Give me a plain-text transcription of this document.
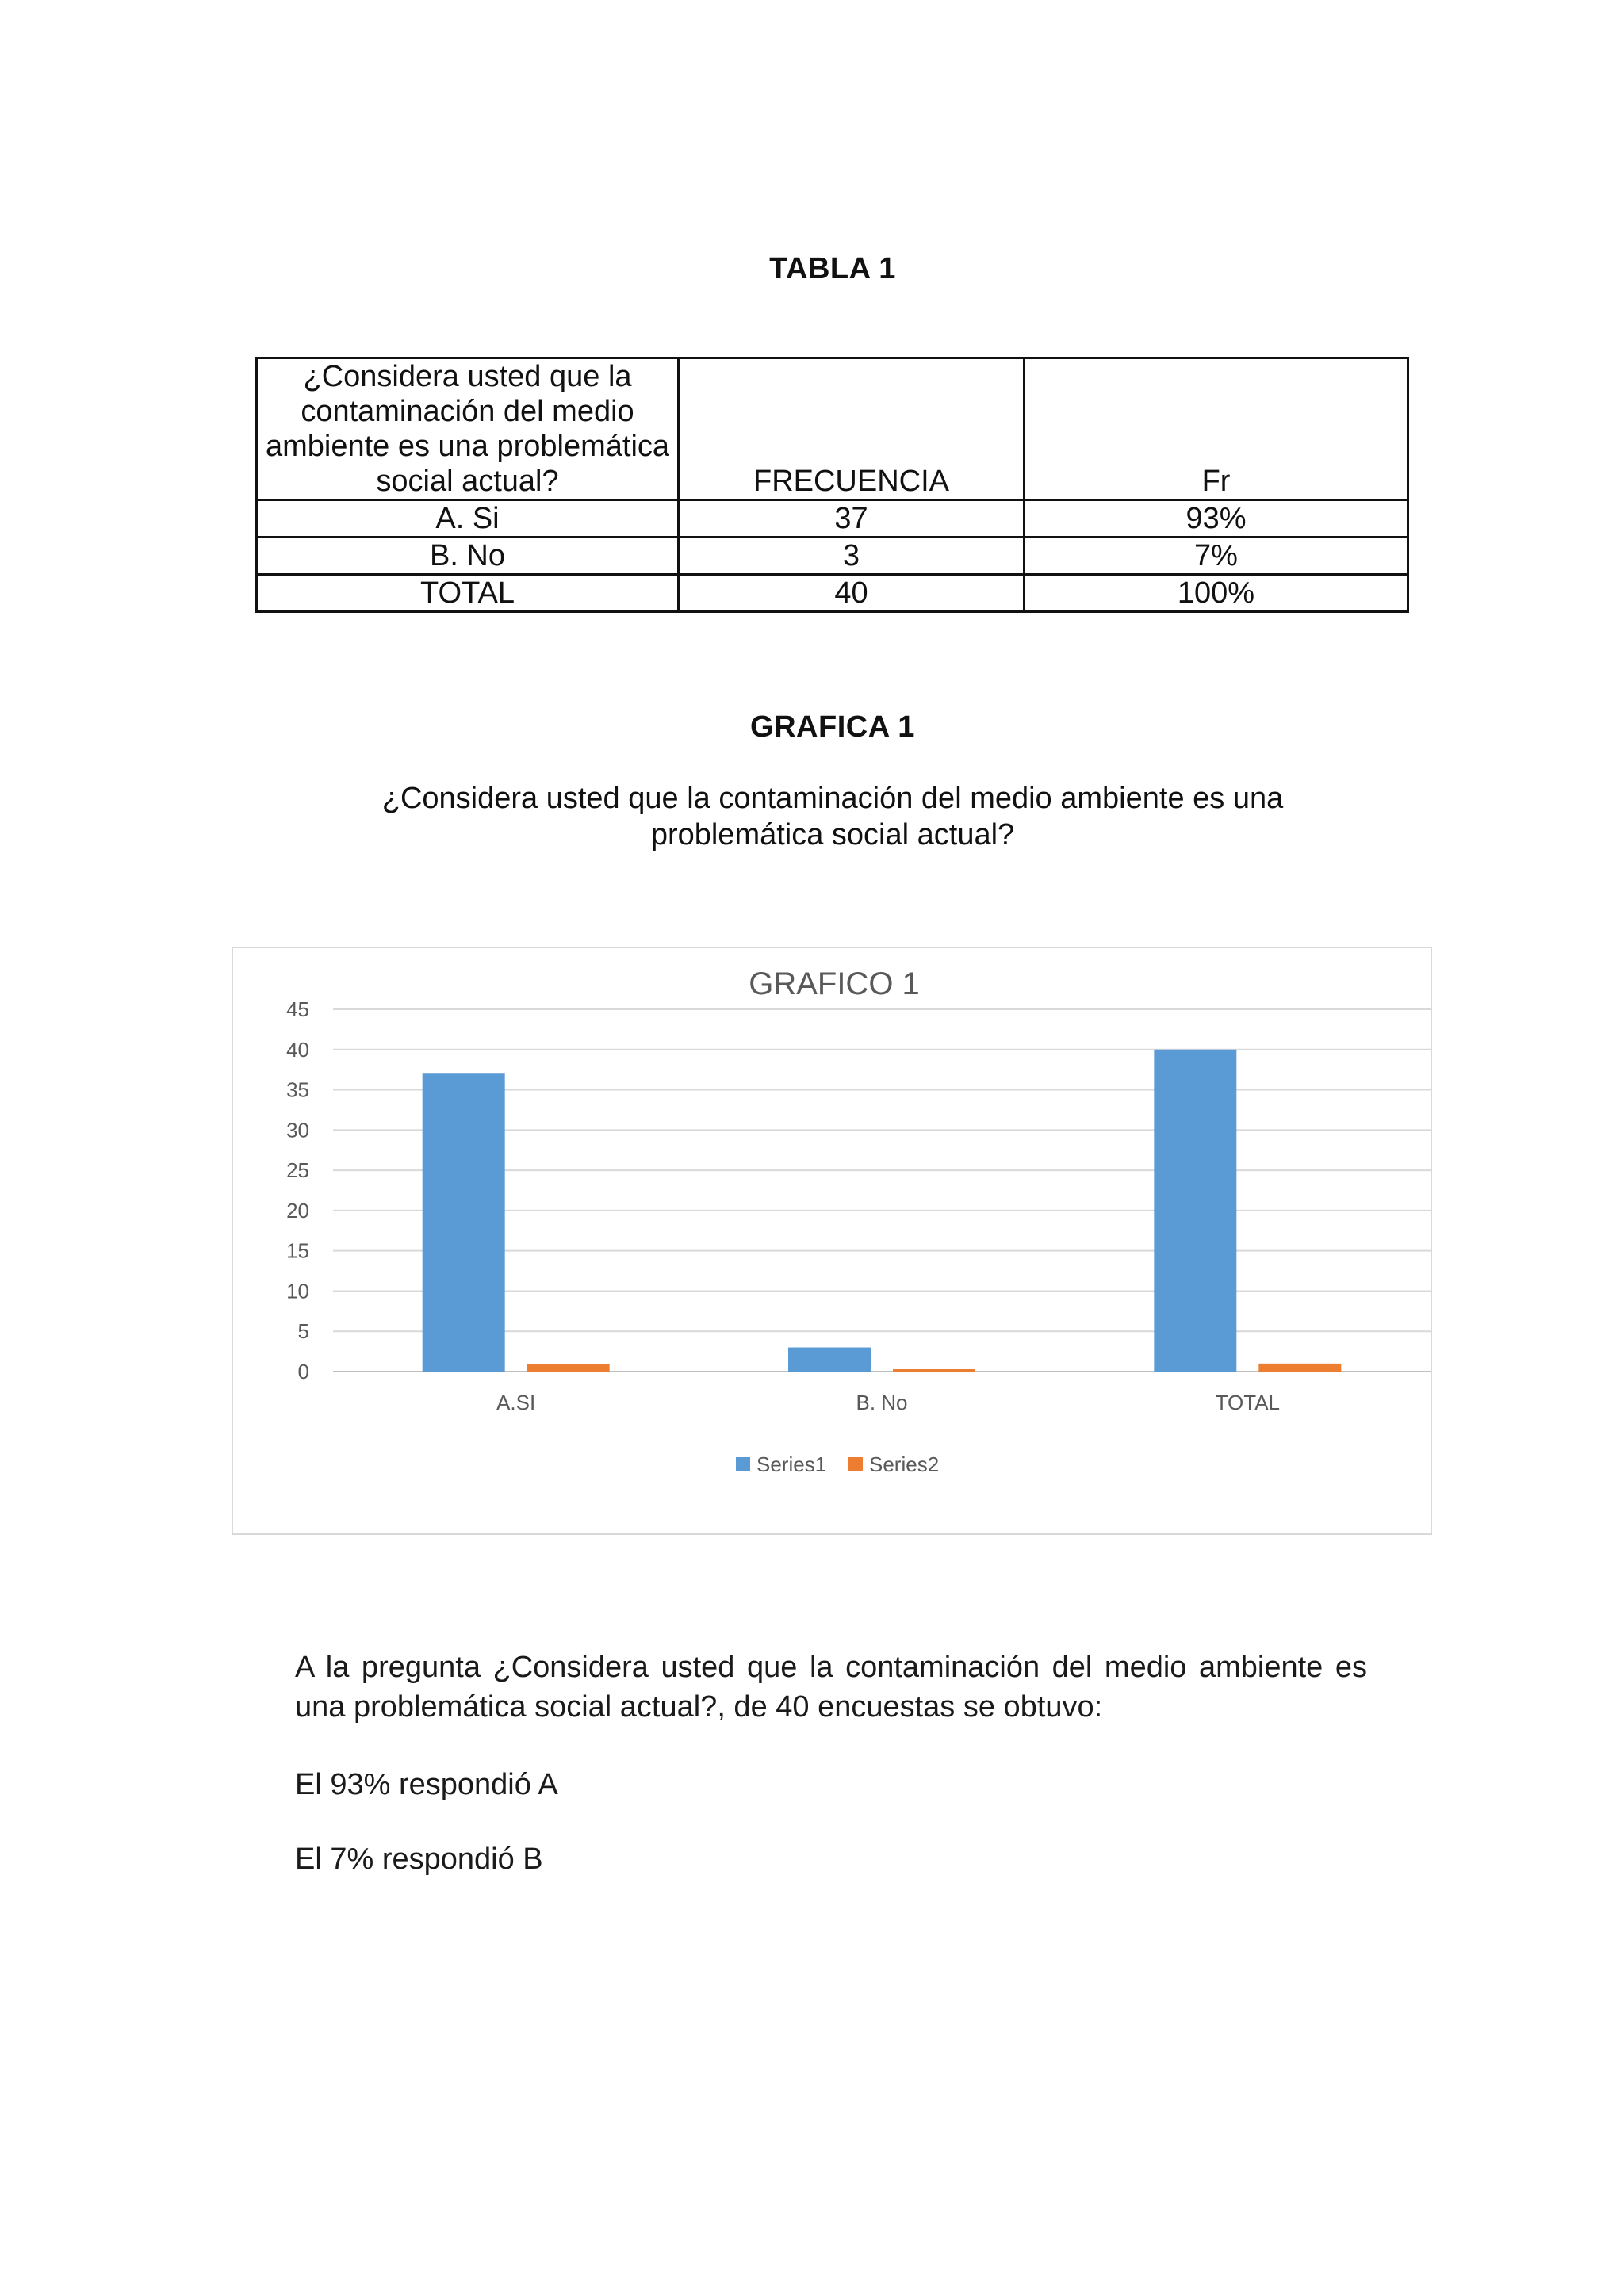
TABLA 1
¿Considera usted que la contaminación del medio ambiente es una problemática social actual?	FRECUENCIA	Fr
A. Si	37	93%
B. No	3	7%
TOTAL	40	100%
GRAFICA 1
¿Considera usted que la contaminación del medio ambiente es una problemática social actual?
GRAFICO 1
0
5
10
15
20
25
30
35
40
45
A.SI	B. No	TOTAL
Series1 Series2
A la pregunta ¿Considera usted que la contaminación del medio ambiente es una problemática social actual?, de 40 encuestas se obtuvo:
El 93% respondió A
El 7% respondió B
